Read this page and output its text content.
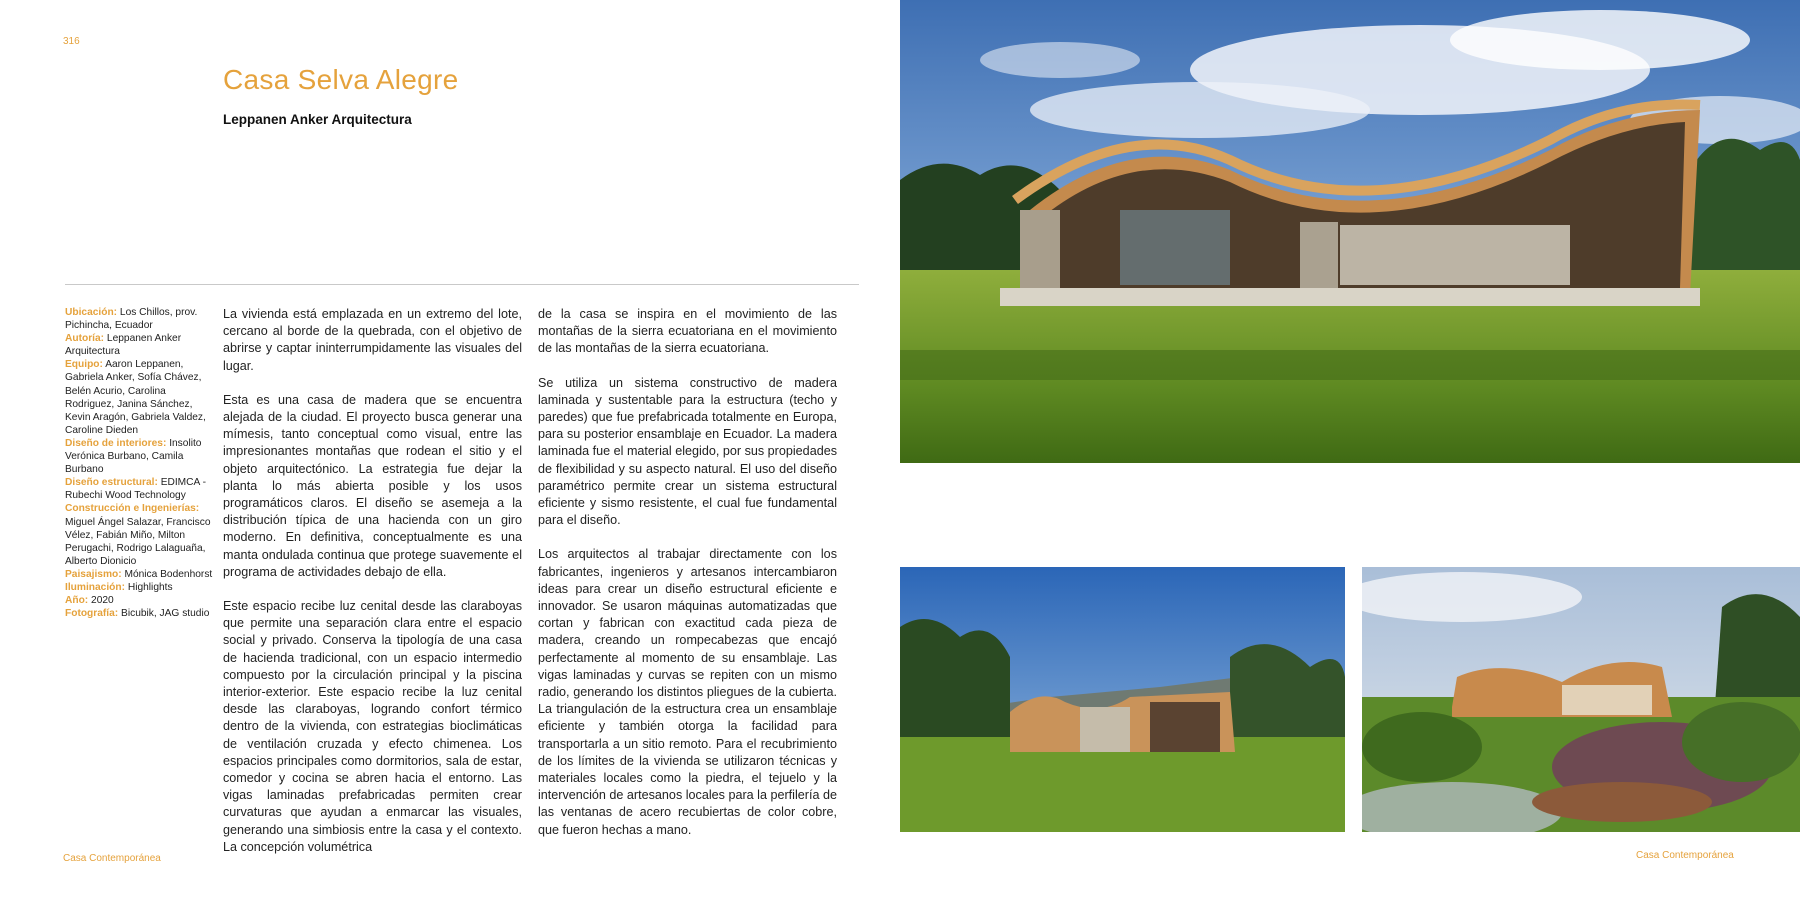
316
Casa Selva Alegre
Leppanen Anker Arquitectura
Ubicación: Los Chillos, prov. Pichincha, Ecuador
Autoría: Leppanen Anker Arquitectura
Equipo: Aaron Leppanen, Gabriela Anker, Sofía Chávez, Belén Acurio, Carolina Rodriguez, Janina Sánchez, Kevin Aragón, Gabriela Valdez, Caroline Dieden
Diseño de interiores: Insolito Verónica Burbano, Camila Burbano
Diseño estructural: EDIMCA - Rubechi Wood Technology
Construcción e Ingenierías: Miguel Ángel Salazar, Francisco Vélez, Fabián Miño, Milton Perugachi, Rodrigo Lalaguaña, Alberto Dionicio
Paisajismo: Mónica Bodenhorst
Iluminación: Highlights
Año: 2020
Fotografía: Bicubik, JAG studio

La vivienda está emplazada en un extremo del lote, cercano al borde de la quebrada, con el objetivo de abrirse y captar ininterrumpidamente las visuales del lugar.

Esta es una casa de madera que se encuentra alejada de la ciudad. El proyecto busca generar una mímesis, tanto conceptual como visual, entre las impresionantes montañas que rodean el sitio y el objeto arquitectónico. La estrategia fue dejar la planta lo más abierta posible y los usos programáticos claros. El diseño se asemeja a la distribución típica de una hacienda con un giro moderno. En definitiva, conceptualmente es una manta ondulada continua que protege suavemente el programa de actividades debajo de ella.

Este espacio recibe luz cenital desde las claraboyas que permite una separación clara entre el espacio social y privado. Conserva la tipología de una casa de hacienda tradicional, con un espacio intermedio compuesto por la circulación principal y la piscina interior-exterior. Este espacio recibe la luz cenital desde las claraboyas, logrando confort térmico dentro de la vivienda, con estrategias bioclimáticas de ventilación cruzada y efecto chimenea. Los espacios principales como dormitorios, sala de estar, comedor y cocina se abren hacia el entorno. Las vigas laminadas prefabricadas permiten crear curvaturas que ayudan a enmarcar las visuales, generando una simbiosis entre la casa y el contexto. La concepción volumétrica

de la casa se inspira en el movimiento de las montañas de la sierra ecuatoriana en el movimiento de las montañas de la sierra ecuatoriana.

Se utiliza un sistema constructivo de madera laminada y sustentable para la estructura (techo y paredes) que fue prefabricada totalmente en Europa, para su posterior ensamblaje en Ecuador. La madera laminada fue el material elegido, por sus propiedades de flexibilidad y su aspecto natural. El uso del diseño paramétrico permite crear un sistema estructural eficiente y sismo resistente, el cual fue fundamental para el diseño.

Los arquitectos al trabajar directamente con los fabricantes, ingenieros y artesanos intercambiaron ideas para crear un diseño estructural eficiente e innovador. Se usaron máquinas automatizadas que cortan y fabrican con exactitud cada pieza de madera, creando un rompecabezas que encajó perfectamente al momento de su ensamblaje. Las vigas laminadas y curvas se repiten con un mismo radio, generando los distintos pliegues de la cubierta. La triangulación de la estructura crea un ensamblaje eficiente y también otorga la facilidad para transportarla a un sitio remoto. Para el recubrimiento de los límites de la vivienda se utilizaron técnicas y materiales locales como la piedra, el tejuelo y la intervención de artesanos locales para la perfilería de las ventanas de acero recubiertas de color cobre, que fueron hechas a mano.

Casa Contemporánea	Casa Contemporánea
